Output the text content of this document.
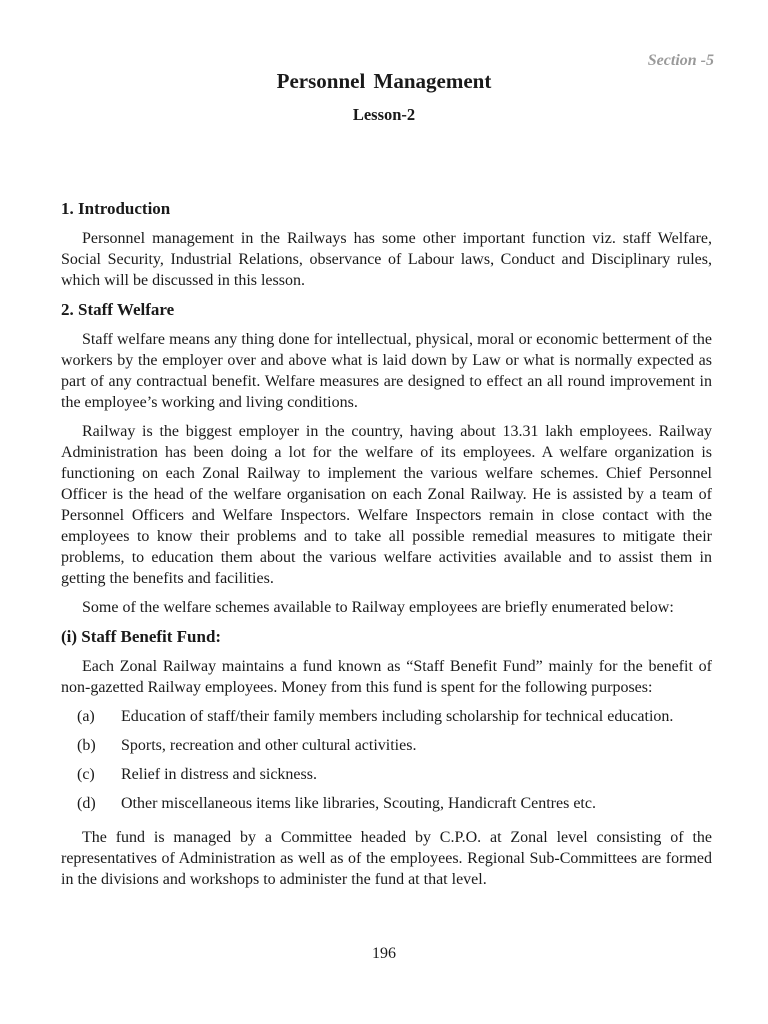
Section -5
Personnel Management
Lesson-2
1. Introduction

Personnel management in the Railways has some other important function viz. staff Welfare, Social Security, Industrial Relations, observance of Labour laws, Conduct and Disciplinary rules, which will be discussed in this lesson.

2. Staff Welfare

Staff welfare means any thing done for intellectual, physical, moral or economic betterment of the workers by the employer over and above what is laid down by Law or what is normally expected as part of any contractual benefit. Welfare measures are designed to effect an all round improvement in the employee’s working and living conditions.

Railway is the biggest employer in the country, having about 13.31 lakh employees. Railway Administration has been doing a lot for the welfare of its employees. A welfare organization is functioning on each Zonal Railway to implement the various welfare schemes. Chief Personnel Officer is the head of the welfare organisation on each Zonal Railway. He is assisted by a team of Personnel Officers and Welfare Inspectors. Welfare Inspectors remain in close contact with the employees to know their problems and to take all possible remedial measures to mitigate their problems, to education them about the various welfare activities available and to assist them in getting the benefits and facilities.

Some of the welfare schemes available to Railway employees are briefly enumerated below:

(i) Staff Benefit Fund:

Each Zonal Railway maintains a fund known as “Staff Benefit Fund” mainly for the benefit of non-gazetted Railway employees. Money from this fund is spent for the following purposes:

(a)	Education of staff/their family members including scholarship for technical education.
(b)	Sports, recreation and other cultural activities.
(c)	Relief in distress and sickness.
(d)	Other miscellaneous items like libraries, Scouting, Handicraft Centres etc.

The fund is managed by a Committee headed by C.P.O. at Zonal level consisting of the representatives of Administration as well as of the employees. Regional Sub-Committees are formed in the divisions and workshops to administer the fund at that level.

196
